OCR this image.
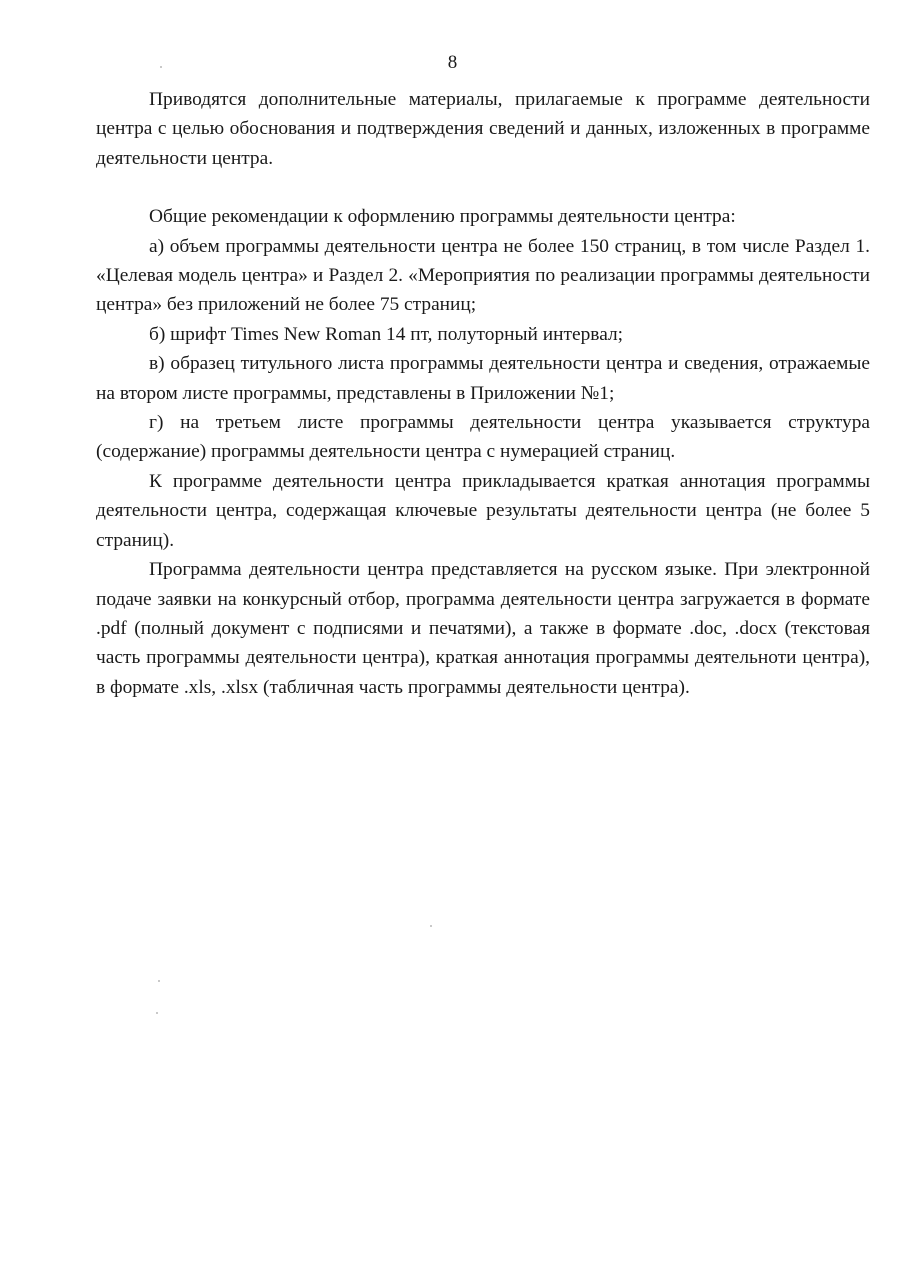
8

Приводятся дополнительные материалы, прилагаемые к программе деятельности центра с целью обоснования и подтверждения сведений и данных, изложенных в программе деятельности центра.

Общие рекомендации к оформлению программы деятельности центра:

а) объем программы деятельности центра не более 150 страниц, в том числе Раздел 1. «Целевая модель центра» и Раздел 2. «Мероприятия по реализации программы деятельности центра» без приложений не более 75 страниц;

б) шрифт Times New Roman 14 пт, полуторный интервал;

в) образец титульного листа программы деятельности центра и сведения, отражаемые на втором листе программы, представлены в Приложении №1;

г) на третьем листе программы деятельности центра указывается структура (содержание) программы деятельности центра с нумерацией страниц.

К программе деятельности центра прикладывается краткая аннотация программы деятельности центра, содержащая ключевые результаты деятельности центра (не более 5 страниц).

Программа деятельности центра представляется на русском языке. При электронной подаче заявки на конкурсный отбор, программа деятельности центра загружается в формате .pdf (полный документ с подписями и печатями), а также в формате .doc, .docx (текстовая часть программы деятельности центра), краткая аннотация программы деятельноти центра), в формате .xls, .xlsx (табличная часть программы деятельности центра).
